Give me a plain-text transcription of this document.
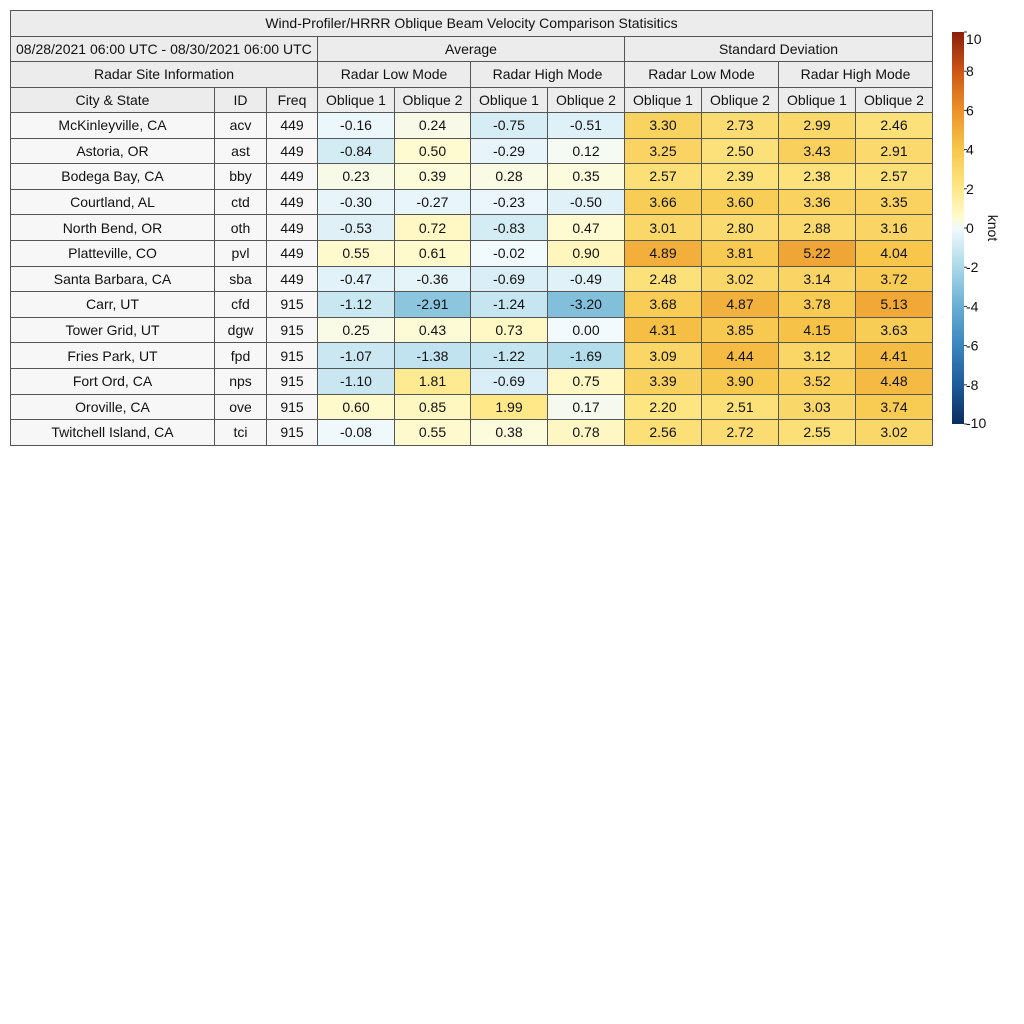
Wind-Profiler/HRRR Oblique Beam Velocity Comparison Statisitics										
08/28/2021 06:00 UTC - 08/30/2021 06:00 UTC			Average				Standard Deviation			
Radar Site Information			Radar Low Mode		Radar High Mode		Radar Low Mode		Radar High Mode	
City & State	ID	Freq	Oblique 1	Oblique 2	Oblique 1	Oblique 2	Oblique 1	Oblique 2	Oblique 1	Oblique 2
McKinleyville, CA	acv	449	-0.16	0.24	-0.75	-0.51	3.30	2.73	2.99	2.46
Astoria, OR	ast	449	-0.84	0.50	-0.29	0.12	3.25	2.50	3.43	2.91
Bodega Bay, CA	bby	449	0.23	0.39	0.28	0.35	2.57	2.39	2.38	2.57
Courtland, AL	ctd	449	-0.30	-0.27	-0.23	-0.50	3.66	3.60	3.36	3.35
North Bend, OR	oth	449	-0.53	0.72	-0.83	0.47	3.01	2.80	2.88	3.16
Platteville, CO	pvl	449	0.55	0.61	-0.02	0.90	4.89	3.81	5.22	4.04
Santa Barbara, CA	sba	449	-0.47	-0.36	-0.69	-0.49	2.48	3.02	3.14	3.72
Carr, UT	cfd	915	-1.12	-2.91	-1.24	-3.20	3.68	4.87	3.78	5.13
Tower Grid, UT	dgw	915	0.25	0.43	0.73	0.00	4.31	3.85	4.15	3.63
Fries Park, UT	fpd	915	-1.07	-1.38	-1.22	-1.69	3.09	4.44	3.12	4.41
Fort Ord, CA	nps	915	-1.10	1.81	-0.69	0.75	3.39	3.90	3.52	4.48
Oroville, CA	ove	915	0.60	0.85	1.99	0.17	2.20	2.51	3.03	3.74
Twitchell Island, CA	tci	915	-0.08	0.55	0.38	0.78	2.56	2.72	2.55	3.02
10
8
6
4
2
0
-2
-4
-6
-8
-10
knot
